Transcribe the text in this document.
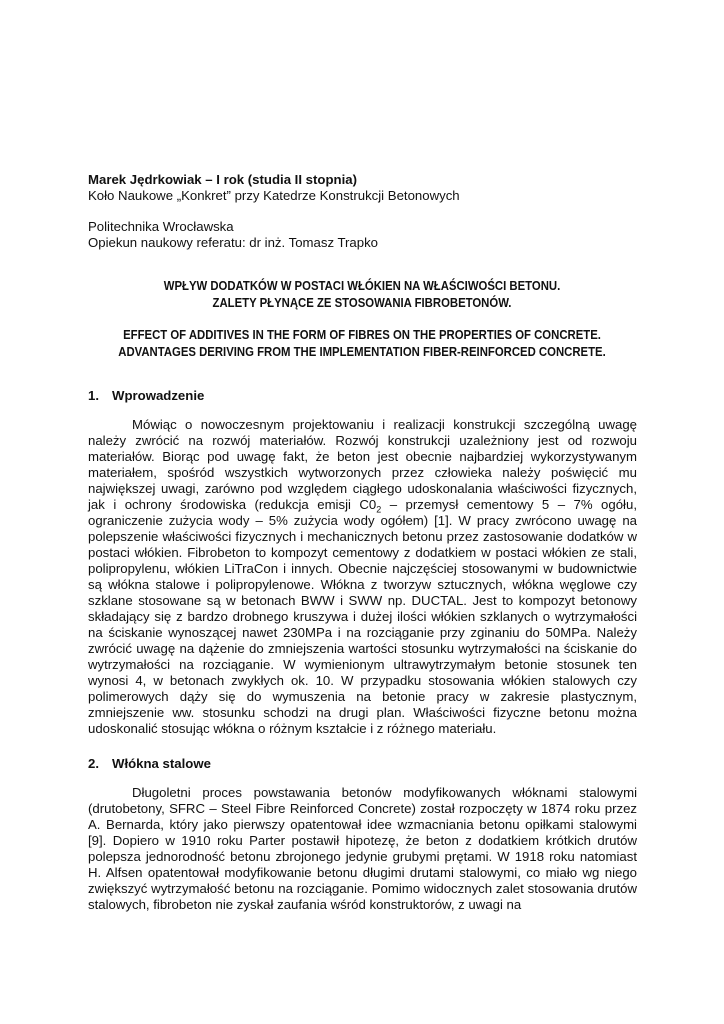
Marek Jędrkowiak – I rok (studia II stopnia)

Koło Naukowe „Konkret” przy Katedrze Konstrukcji Betonowych

Politechnika Wrocławska

Opiekun naukowy referatu: dr inż. Tomasz Trapko

WPŁYW DODATKÓW W POSTACI WŁÓKIEN NA WŁAŚCIWOŚCI BETONU.

ZALETY PŁYNĄCE ZE STOSOWANIA FIBROBETONÓW.

EFFECT OF ADDITIVES IN THE FORM OF FIBRES ON THE PROPERTIES OF CONCRETE.

ADVANTAGES DERIVING FROM THE IMPLEMENTATION FIBER-REINFORCED CONCRETE.

1. Wprowadzenie

Mówiąc o nowoczesnym projektowaniu i realizacji konstrukcji szczególną uwagę należy zwrócić na rozwój materiałów. Rozwój konstrukcji uzależniony jest od rozwoju materiałów. Biorąc pod uwagę fakt, że beton jest obecnie najbardziej wykorzystywanym materiałem, spośród wszystkich wytworzonych przez człowieka należy poświęcić mu największej uwagi, zarówno pod względem ciągłego udoskonalania właściwości fizycznych, jak i ochrony środowiska (redukcja emisji $C0_2$ – przemysł cementowy 5 – 7% ogółu, ograniczenie zużycia wody – 5% zużycia wody ogółem) [1]. W pracy zwrócono uwagę na polepszenie właściwości fizycznych i mechanicznych betonu przez zastosowanie dodatków w postaci włókien. Fibrobeton to kompozyt cementowy z dodatkiem w postaci włókien ze stali, polipropylenu, włókien LiTraCon i innych. Obecnie najczęściej stosowanymi w budownictwie są włókna stalowe i polipropylenowe. Włókna z tworzyw sztucznych, włókna węglowe czy szklane stosowane są w betonach BWW i SWW np. DUCTAL. Jest to kompozyt betonowy składający się z bardzo drobnego kruszywa i dużej ilości włókien szklanych o wytrzymałości na ściskanie wynoszącej nawet 230MPa i na rozciąganie przy zginaniu do 50MPa. Należy zwrócić uwagę na dążenie do zmniejszenia wartości stosunku wytrzymałości na ściskanie do wytrzymałości na rozciąganie. W wymienionym ultrawytrzymałym betonie stosunek ten wynosi 4, w betonach zwykłych ok. 10. W przypadku stosowania włókien stalowych czy polimerowych dąży się do wymuszenia na betonie pracy w zakresie plastycznym, zmniejszenie ww. stosunku schodzi na drugi plan. Właściwości fizyczne betonu można udoskonalić stosując włókna o różnym kształcie i z różnego materiału.

2. Włókna stalowe

Długoletni proces powstawania betonów modyfikowanych włóknami stalowymi (drutobetony, SFRC – Steel Fibre Reinforced Concrete) został rozpoczęty w 1874 roku przez A. Bernarda, który jako pierwszy opatentował idee wzmacniania betonu opiłkami stalowymi [9]. Dopiero w 1910 roku Parter postawił hipotezę, że beton z dodatkiem krótkich drutów polepsza jednorodność betonu zbrojonego jedynie grubymi prętami. W 1918 roku natomiast H. Alfsen opatentował modyfikowanie betonu długimi drutami stalowymi, co miało wg niego zwiększyć wytrzymałość betonu na rozciąganie. Pomimo widocznych zalet stosowania drutów stalowych, fibrobeton nie zyskał zaufania wśród konstruktorów, z uwagi na
